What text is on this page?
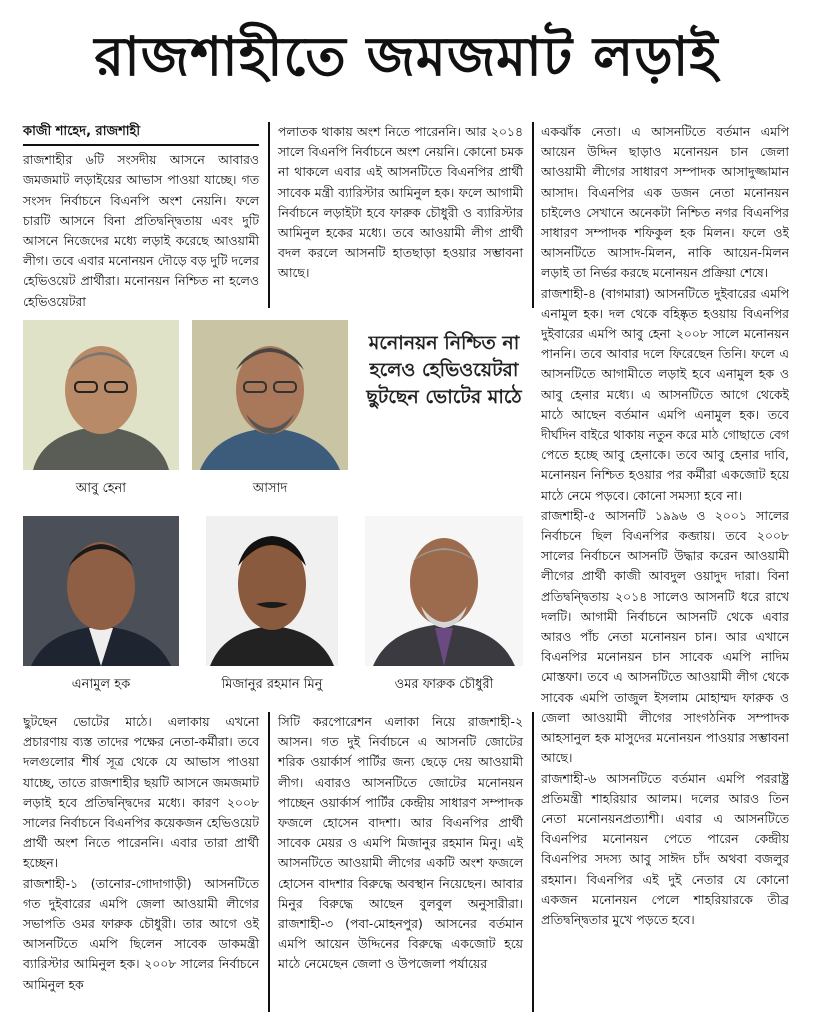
রাজশাহীতে জমজমাট লড়াই
কাজী শাহেদ, রাজশাহী

রাজশাহীর ৬টি সংসদীয় আসনে আবারও জমজমাট লড়াইয়ের আভাস পাওয়া যাচ্ছে। গত সংসদ নির্বাচনে বিএনপি অংশ নেয়নি। ফলে চারটি আসনে বিনা প্রতিদ্বন্দ্বিতায় এবং দুটি আসনে নিজেদের মধ্যে লড়াই করেছে আওয়ামী লীগ। তবে এবার মনোনয়ন দৌড়ে বড় দুটি দলের হেভিওয়েট প্রার্থীরা। মনোনয়ন নিশ্চিত না হলেও হেভিওয়েটরা

পলাতক থাকায় অংশ নিতে পারেননি। আর ২০১৪ সালে বিএনপি নির্বাচনে অংশ নেয়নি। কোনো চমক না থাকলে এবার এই আসনটিতে বিএনপির প্রার্থী সাবেক মন্ত্রী ব্যারিস্টার আমিনুল হক। ফলে আগামী নির্বাচনে লড়াইটা হবে ফারুক চৌধুরী ও ব্যারিস্টার আমিনুল হকের মধ্যে। তবে আওয়ামী লীগ প্রার্থী বদল করলে আসনটি হাতছাড়া হওয়ার সম্ভাবনা আছে।

একঝাঁক নেতা। এ আসনটিতে বর্তমান এমপি আয়েন উদ্দিন ছাড়াও মনোনয়ন চান জেলা আওয়ামী লীগের সাধারণ সম্পাদক আসাদুজ্জামান আসাদ। বিএনপির এক ডজন নেতা মনোনয়ন চাইলেও সেখানে অনেকটা নিশ্চিত নগর বিএনপির সাধারণ সম্পাদক শফিকুল হক মিলন। ফলে ওই আসনটিতে আসাদ-মিলন, নাকি আয়েন-মিলন লড়াই তা নির্ভর করছে মনোনয়ন প্রক্রিয়া শেষে।

রাজশাহী-৪ (বাগমারা) আসনটিতে দুইবারের এমপি এনামুল হক। দল থেকে বহিষ্কৃত হওয়ায় বিএনপির দুইবারের এমপি আবু হেনা ২০০৮ সালে মনোনয়ন পাননি। তবে আবার দলে ফিরেছেন তিনি। ফলে এ আসনটিতে আগামীতে লড়াই হবে এনামুল হক ও আবু হেনার মধ্যে। এ আসনটিতে আগে থেকেই মাঠে আছেন বর্তমান এমপি এনামুল হক। তবে দীর্ঘদিন বাইরে থাকায় নতুন করে মাঠ গোছাতে বেগ পেতে হচ্ছে আবু হেনাকে। তবে আবু হেনার দাবি, মনোনয়ন নিশ্চিত হওয়ার পর কর্মীরা একজোট হয়ে মাঠে নেমে পড়বে। কোনো সমস্যা হবে না।

রাজশাহী-৫ আসনটি ১৯৯৬ ও ২০০১ সালের নির্বাচনে ছিল বিএনপির কব্জায়। তবে ২০০৮ সালের নির্বাচনে আসনটি উদ্ধার করেন আওয়ামী লীগের প্রার্থী কাজী আবদুল ওয়াদুদ দারা। বিনা প্রতিদ্বন্দ্বিতায় ২০১৪ সালেও আসনটি ধরে রাখে দলটি। আগামী নির্বাচনে আসনটি থেকে এবার আরও পাঁচ নেতা মনোনয়ন চান। আর এখানে বিএনপির মনোনয়ন চান সাবেক এমপি নাদিম মোস্তফা। তবে এ আসনটিতে আওয়ামী লীগ থেকে সাবেক এমপি তাজুল ইসলাম মোহাম্মদ ফারুক ও জেলা আওয়ামী লীগের সাংগঠনিক সম্পাদক আহসানুল হক মাসুদের মনোনয়ন পাওয়ার সম্ভাবনা আছে।

রাজশাহী-৬ আসনটিতে বর্তমান এমপি পররাষ্ট্র প্রতিমন্ত্রী শাহরিয়ার আলম। দলের আরও তিন নেতা মনোনয়নপ্রত্যাশী। এবার এ আসনটিতে বিএনপির মনোনয়ন পেতে পারেন কেন্দ্রীয় বিএনপির সদস্য আবু সাঈদ চাঁদ অথবা বজলুর রহমান। বিএনপির এই দুই নেতার যে কোনো একজন মনোনয়ন পেলে শাহরিয়ারকে তীব্র প্রতিদ্বন্দ্বিতার মুখে পড়তে হবে।

আবু হেনা	আসাদ
মনোনয়ন নিশ্চিত না হলেও হেভিওয়েটরা ছুটছেন ভোটের মাঠে
এনামুল হক	মিজানুর রহমান মিনু	ওমর ফারুক চৌধুরী

ছুটছেন ভোটের মাঠে। এলাকায় এখনো প্রচারণায় ব্যস্ত তাদের পক্ষের নেতা-কর্মীরা। তবে দলগুলোর শীর্ষ সূত্র থেকে যে আভাস পাওয়া যাচ্ছে, তাতে রাজশাহীর ছয়টি আসনে জমজমাট লড়াই হবে প্রতিদ্বন্দ্বিদের মধ্যে। কারণ ২০০৮ সালের নির্বাচনে বিএনপির কয়েকজন হেভিওয়েট প্রার্থী অংশ নিতে পারেননি। এবার তারা প্রার্থী হচ্ছেন।

রাজশাহী-১ (তানোর-গোদাগাড়ী) আসনটিতে গত দুইবারের এমপি জেলা আওয়ামী লীগের সভাপতি ওমর ফারুক চৌধুরী। তার আগে ওই আসনটিতে এমপি ছিলেন সাবেক ডাকমন্ত্রী ব্যারিস্টার আমিনুল হক। ২০০৮ সালের নির্বাচনে আমিনুল হক

সিটি করপোরেশন এলাকা নিয়ে রাজশাহী-২ আসন। গত দুই নির্বাচনে এ আসনটি জোটের শরিক ওয়ার্কার্স পার্টির জন্য ছেড়ে দেয় আওয়ামী লীগ। এবারও আসনটিতে জোটের মনোনয়ন পাচ্ছেন ওয়ার্কার্স পার্টির কেন্দ্রীয় সাধারণ সম্পাদক ফজলে হোসেন বাদশা। আর বিএনপির প্রার্থী সাবেক মেয়র ও এমপি মিজানুর রহমান মিনু। এই আসনটিতে আওয়ামী লীগের একটি অংশ ফজলে হোসেন বাদশার বিরুদ্ধে অবস্থান নিয়েছেন। আবার মিনুর বিরুদ্ধে আছেন বুলবুল অনুসারীরা। রাজশাহী-৩ (পবা-মোহনপুর) আসনের বর্তমান এমপি আয়েন উদ্দিনের বিরুদ্ধে একজোট হয়ে মাঠে নেমেছেন জেলা ও উপজেলা পর্যায়ের
